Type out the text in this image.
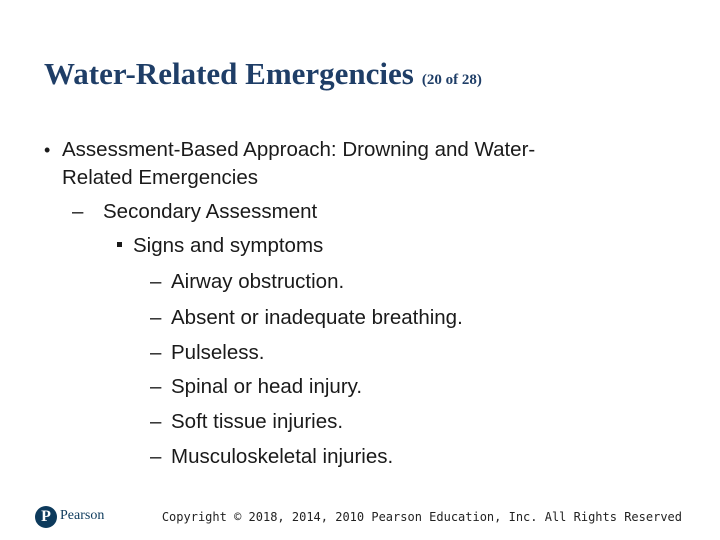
Water-Related Emergencies (20 of 28)
• Assessment-Based Approach: Drowning and Water-
Related Emergencies
– Secondary Assessment
Signs and symptoms
– Airway obstruction.
– Absent or inadequate breathing.
– Pulseless.
– Spinal or head injury.
– Soft tissue injuries.
– Musculoskeletal injuries.
P Pearson	Copyright © 2018, 2014, 2010 Pearson Education, Inc. All Rights Reserved
